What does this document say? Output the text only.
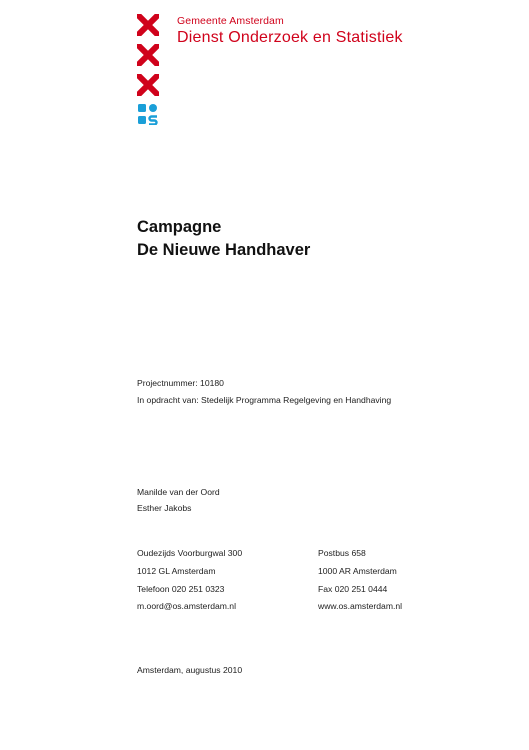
Gemeente Amsterdam
Dienst Onderzoek en Statistiek
Campagne
De Nieuwe Handhaver
Projectnummer: 10180
In opdracht van: Stedelijk Programma Regelgeving en Handhaving
Manilde van der Oord
Esther Jakobs
Oudezijds Voorburgwal 300
1012 GL Amsterdam
Telefoon 020 251 0323
m.oord@os.amsterdam.nl
Postbus 658
1000 AR Amsterdam
Fax 020 251 0444
www.os.amsterdam.nl
Amsterdam, augustus 2010
